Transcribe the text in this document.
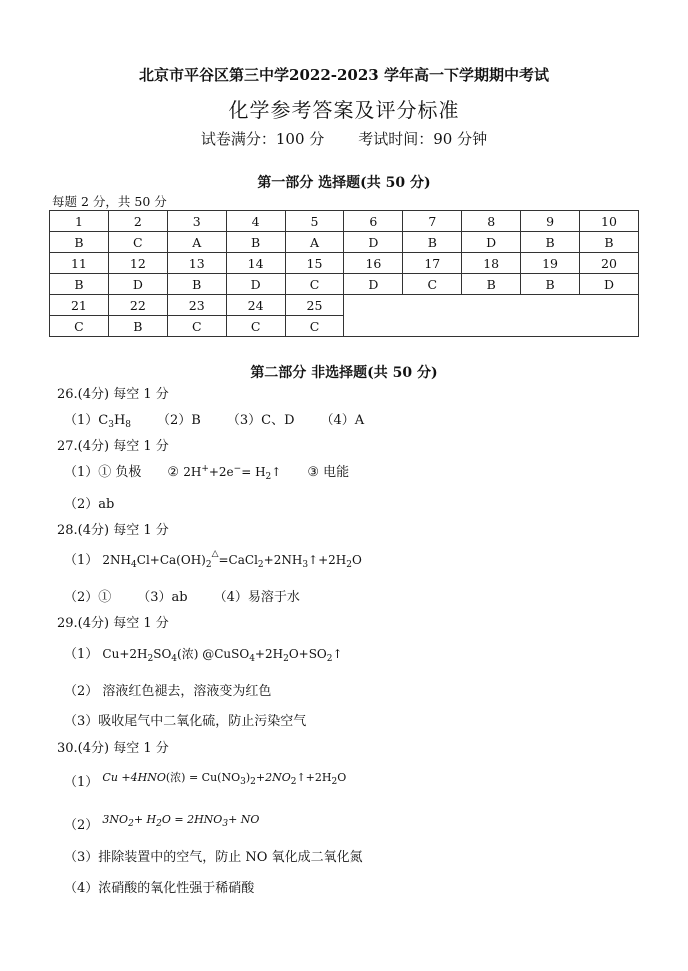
北京市平谷区第三中学2022-2023 学年高一下学期期中考试
化学参考答案及评分标准
试卷满分：100 分 考试时间：90 分钟
第一部分 选择题(共 50 分)
每题 2 分，共 50 分
1	2	3	4	5	6	7	8	9	10
B	C	A	B	A	D	B	D	B	B
11	12	13	14	15	16	17	18	19	20
B	D	B	D	C	D	C	B	B	D
21	22	23	24	25					
C	B	C	C	C					
第二部分 非选择题(共 50 分)
26.(4分) 每空 1 分
$(1)C_3H_8$ （2）B （3）C、D （4）A
27.(4分) 每空 1 分
（1）① 负极 ② $2H^++2e^-= H_2↑$ ③ 电能
（2）ab
28.(4分) 每空 1 分
（1） $2NH_4Cl+Ca(OH)_2^\triangle=CaCl_2+2NH_3↑+2H_2O$
（2）① （3）ab （4）易溶于水
29.(4分) 每空 1 分
（1） $Cu+2H_2SO_4$(浓) $@CuSO_4+2H_2O+SO_2↑$
（2） 溶液红色褪去，溶液变为红色
（3）吸收尾气中二氧化硫，防止污染空气
30.(4分) 每空 1 分
（1） Cu +4HNO(浓) = $Cu(NO_3)_2+2NO_2↑+2H_2O$
（2） $3NO_2+ H_2O = 2HNO_3+$ NO
（3）排除装置中的空气，防止 NO 氧化成二氧化氮
（4）浓硝酸的氧化性强于稀硝酸
